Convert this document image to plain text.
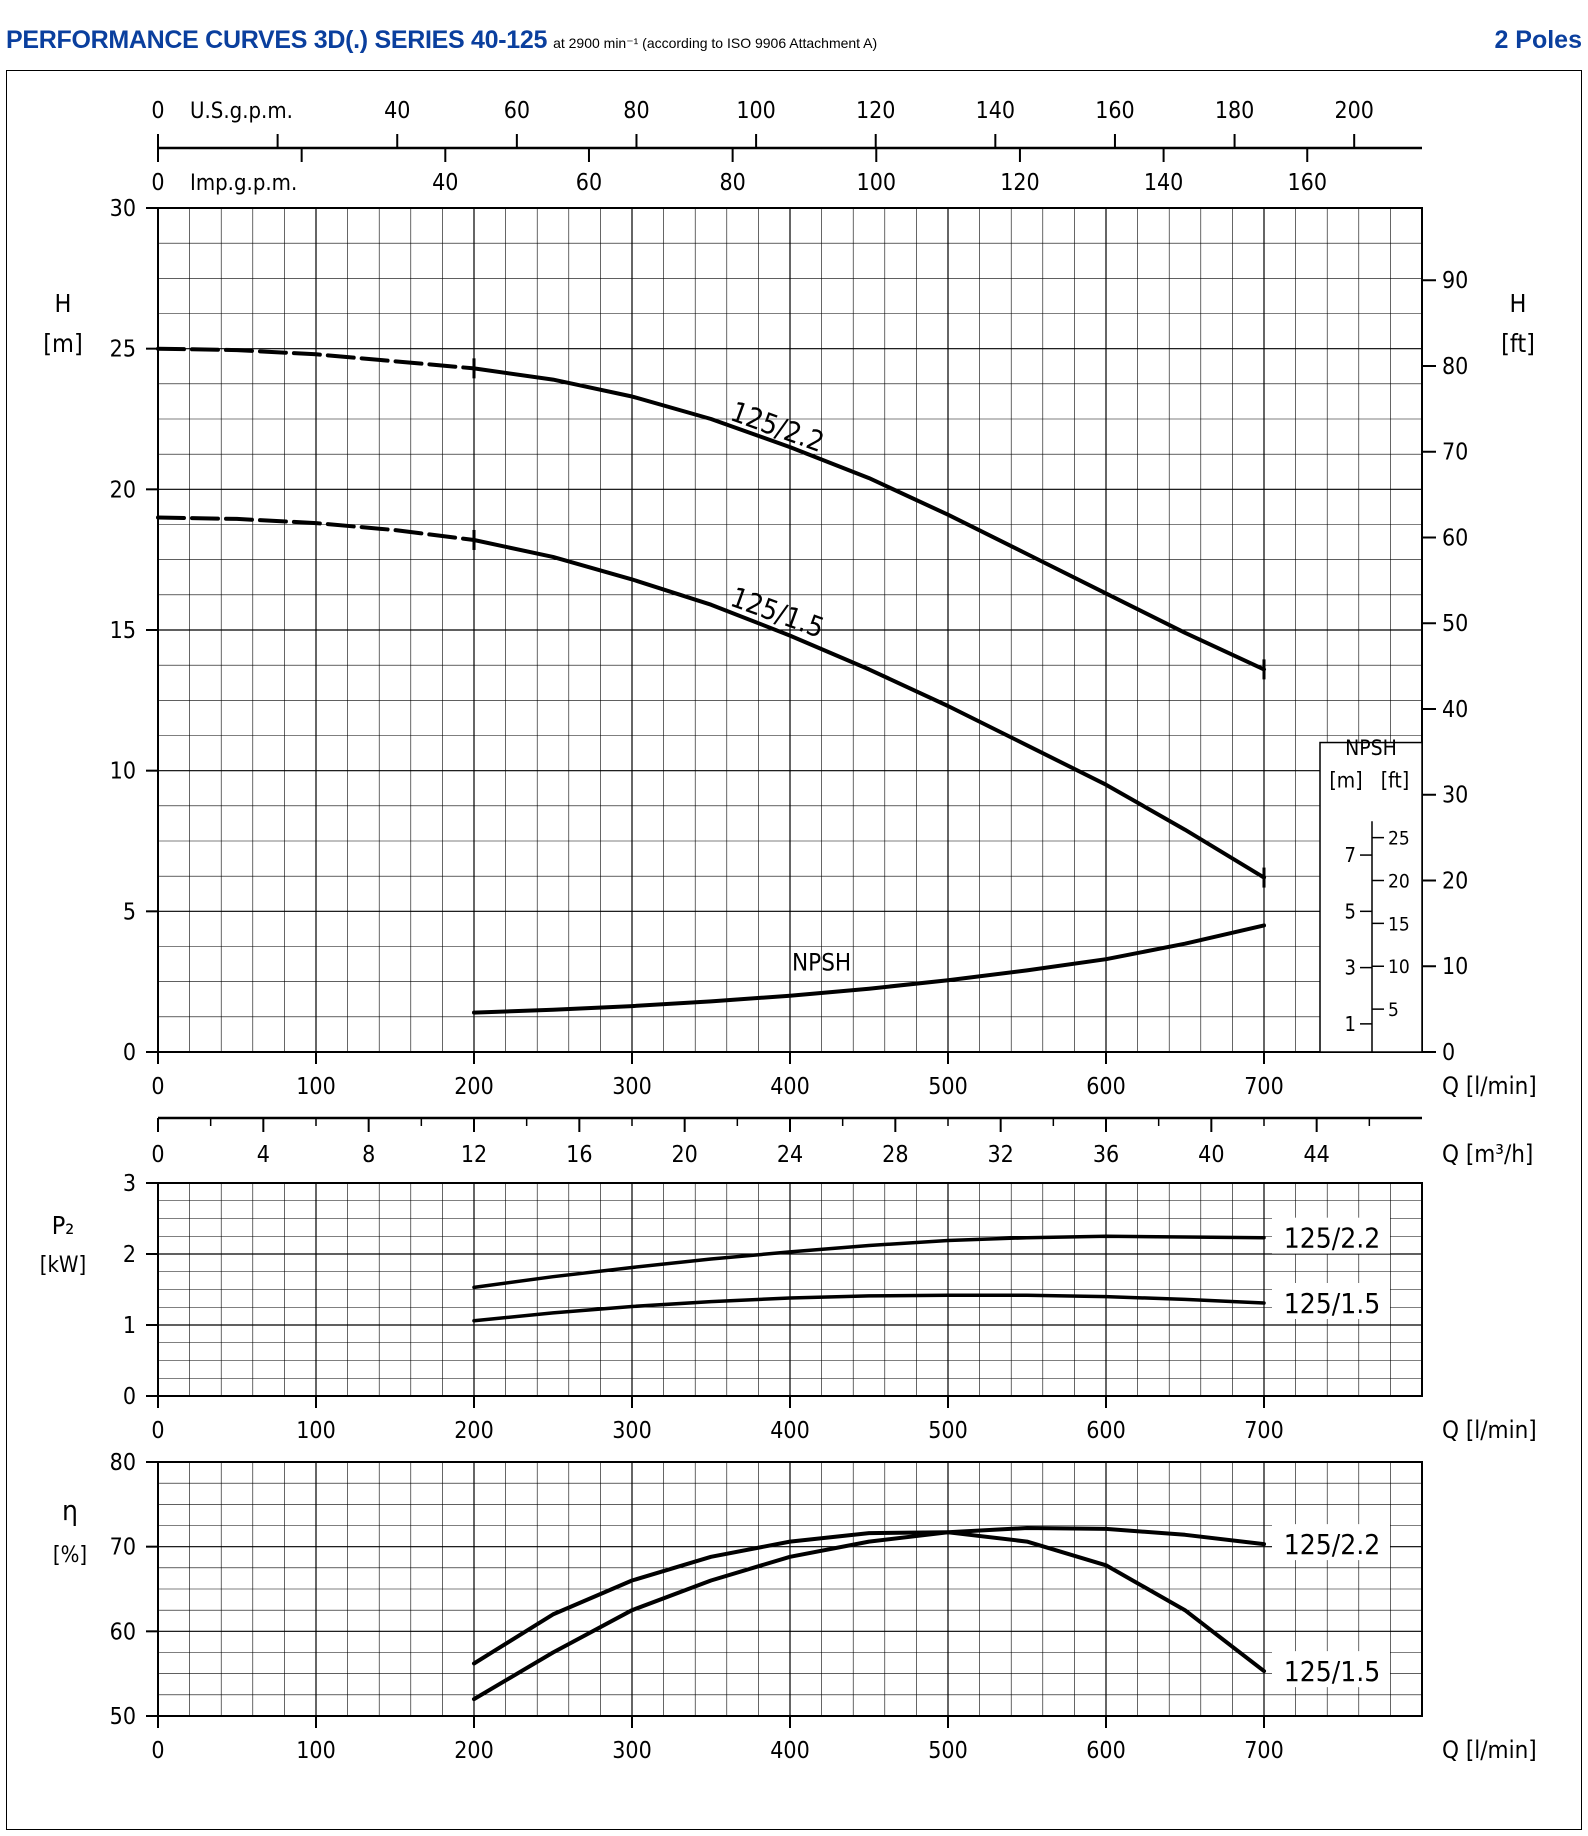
PERFORMANCE CURVES 3D(.) SERIES 40-125 at 2900 min⁻¹ (according to ISO 9906 Attachment A)	2 Poles
0
5
10
15
20
25
30
H
[m]
0
10
20
30
40
50
60
70
80
90
H
[ft]
0	40	60	80	100	120	140	160	180	200
U.S.g.p.m.
0	40	60	80	100	120	140	160
Imp.g.p.m.
0	100	200	300	400	500	600	700	Q [l/min]
125/2.2
125/1.5
NPSH
NPSH
[m] [ft]
1
3
5
7
5
10
15
20
25
0	4	8	12	16	20	24	28	32	36	40	44	Q [m³/h]
0
1
2
3
P₂
[kW]
0	100	200	300	400	500	600	700	Q [l/min]
125/2.2
125/1.5
50
60
70
80
η
[%]
0	100	200	300	400	500	600	700	Q [l/min]
125/2.2
125/1.5
